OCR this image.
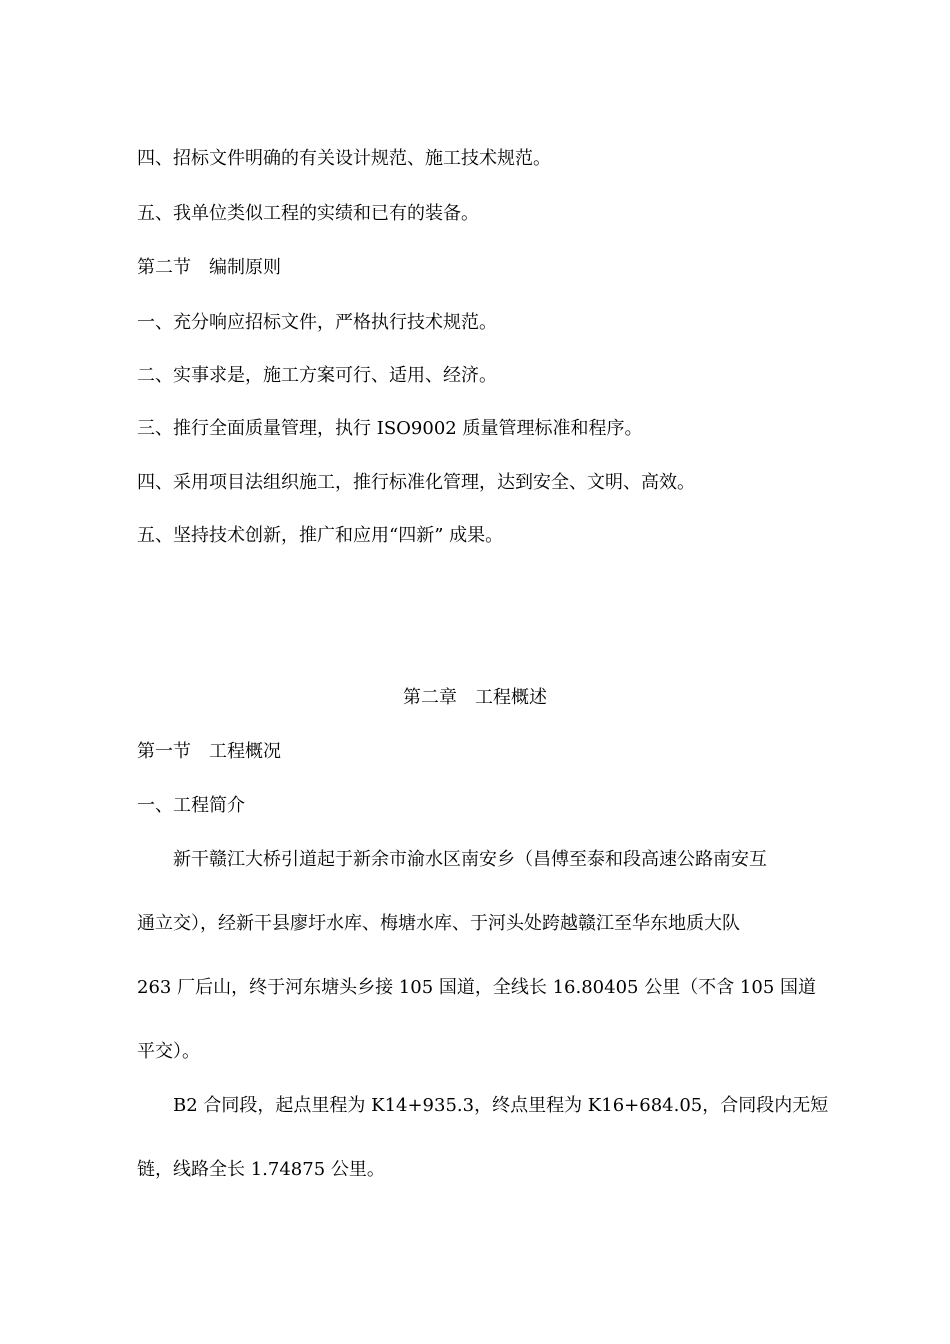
四、招标文件明确的有关设计规范、施工技术规范。
五、我单位类似工程的实绩和已有的装备。
第二节　编制原则
一、充分响应招标文件，严格执行技术规范。
二、实事求是，施工方案可行、适用、经济。
三、推行全面质量管理，执行 ISO9002 质量管理标准和程序。
四、采用项目法组织施工，推行标准化管理，达到安全、文明、高效。
五、坚持技术创新，推广和应用“四新” 成果。
第二章　工程概述
第一节　工程概况
一、工程简介
　　新干赣江大桥引道起于新余市渝水区南安乡（昌傅至泰和段高速公路南安互
通立交），经新干县廖圩水库、梅塘水库、于河头处跨越赣江至华东地质大队
263 厂后山，终于河东塘头乡接 105 国道，全线长 16.80405 公里（不含 105 国道
平交）。
　　B2 合同段，起点里程为 K14+935.3，终点里程为 K16+684.05，合同段内无短
链，线路全长 1.74875 公里。
